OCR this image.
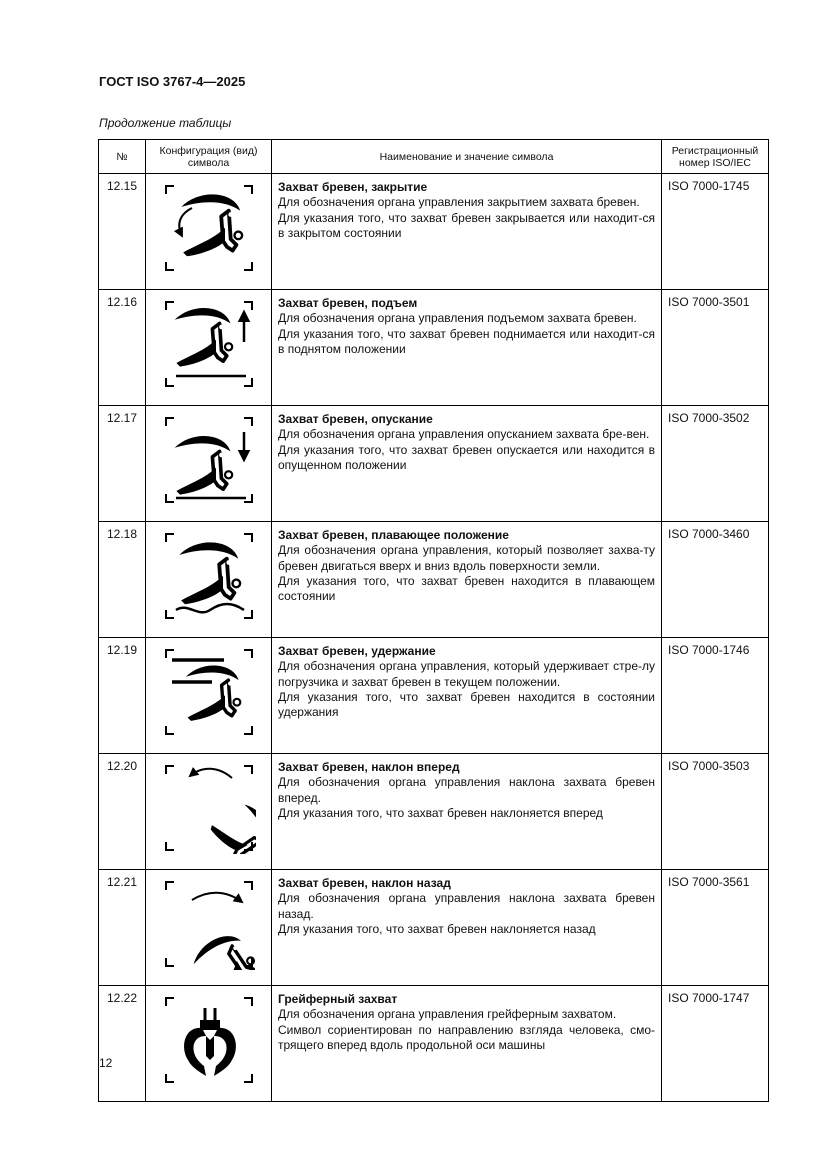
ГОСТ ISO 3767-4—2025
Продолжение таблицы
№	Конфигурация (вид) символа	Наименование и значение символа	Регистрационный номер ISO/IEC
12.15		Захват бревен, закрытие
Для обозначения органа управления закрытием захвата бревен.
Для указания того, что захват бревен закрывается или находит-ся в закрытом состоянии	ISO 7000-1745
12.16		Захват бревен, подъем
Для обозначения органа управления подъемом захвата бревен.
Для указания того, что захват бревен поднимается или находит-ся в поднятом положении	ISO 7000-3501
12.17		Захват бревен, опускание
Для обозначения органа управления опусканием захвата бре-вен.
Для указания того, что захват бревен опускается или находится в опущенном положении	ISO 7000-3502
12.18		Захват бревен, плавающее положение
Для обозначения органа управления, который позволяет захва-ту бревен двигаться вверх и вниз вдоль поверхности земли.
Для указания того, что захват бревен находится в плавающем состоянии	ISO 7000-3460
12.19		Захват бревен, удержание
Для обозначения органа управления, который удерживает стре-лу погрузчика и захват бревен в текущем положении.
Для указания того, что захват бревен находится в состоянии удержания	ISO 7000-1746
12.20		Захват бревен, наклон вперед
Для обозначения органа управления наклона захвата бревен вперед.
Для указания того, что захват бревен наклоняется вперед	ISO 7000-3503
12.21		Захват бревен, наклон назад
Для обозначения органа управления наклона захвата бревен назад.
Для указания того, что захват бревен наклоняется назад	ISO 7000-3561
12.22		Грейферный захват
Для обозначения органа управления грейферным захватом.
Символ сориентирован по направлению взгляда человека, смо-трящего вперед вдоль продольной оси машины	ISO 7000-1747
12
